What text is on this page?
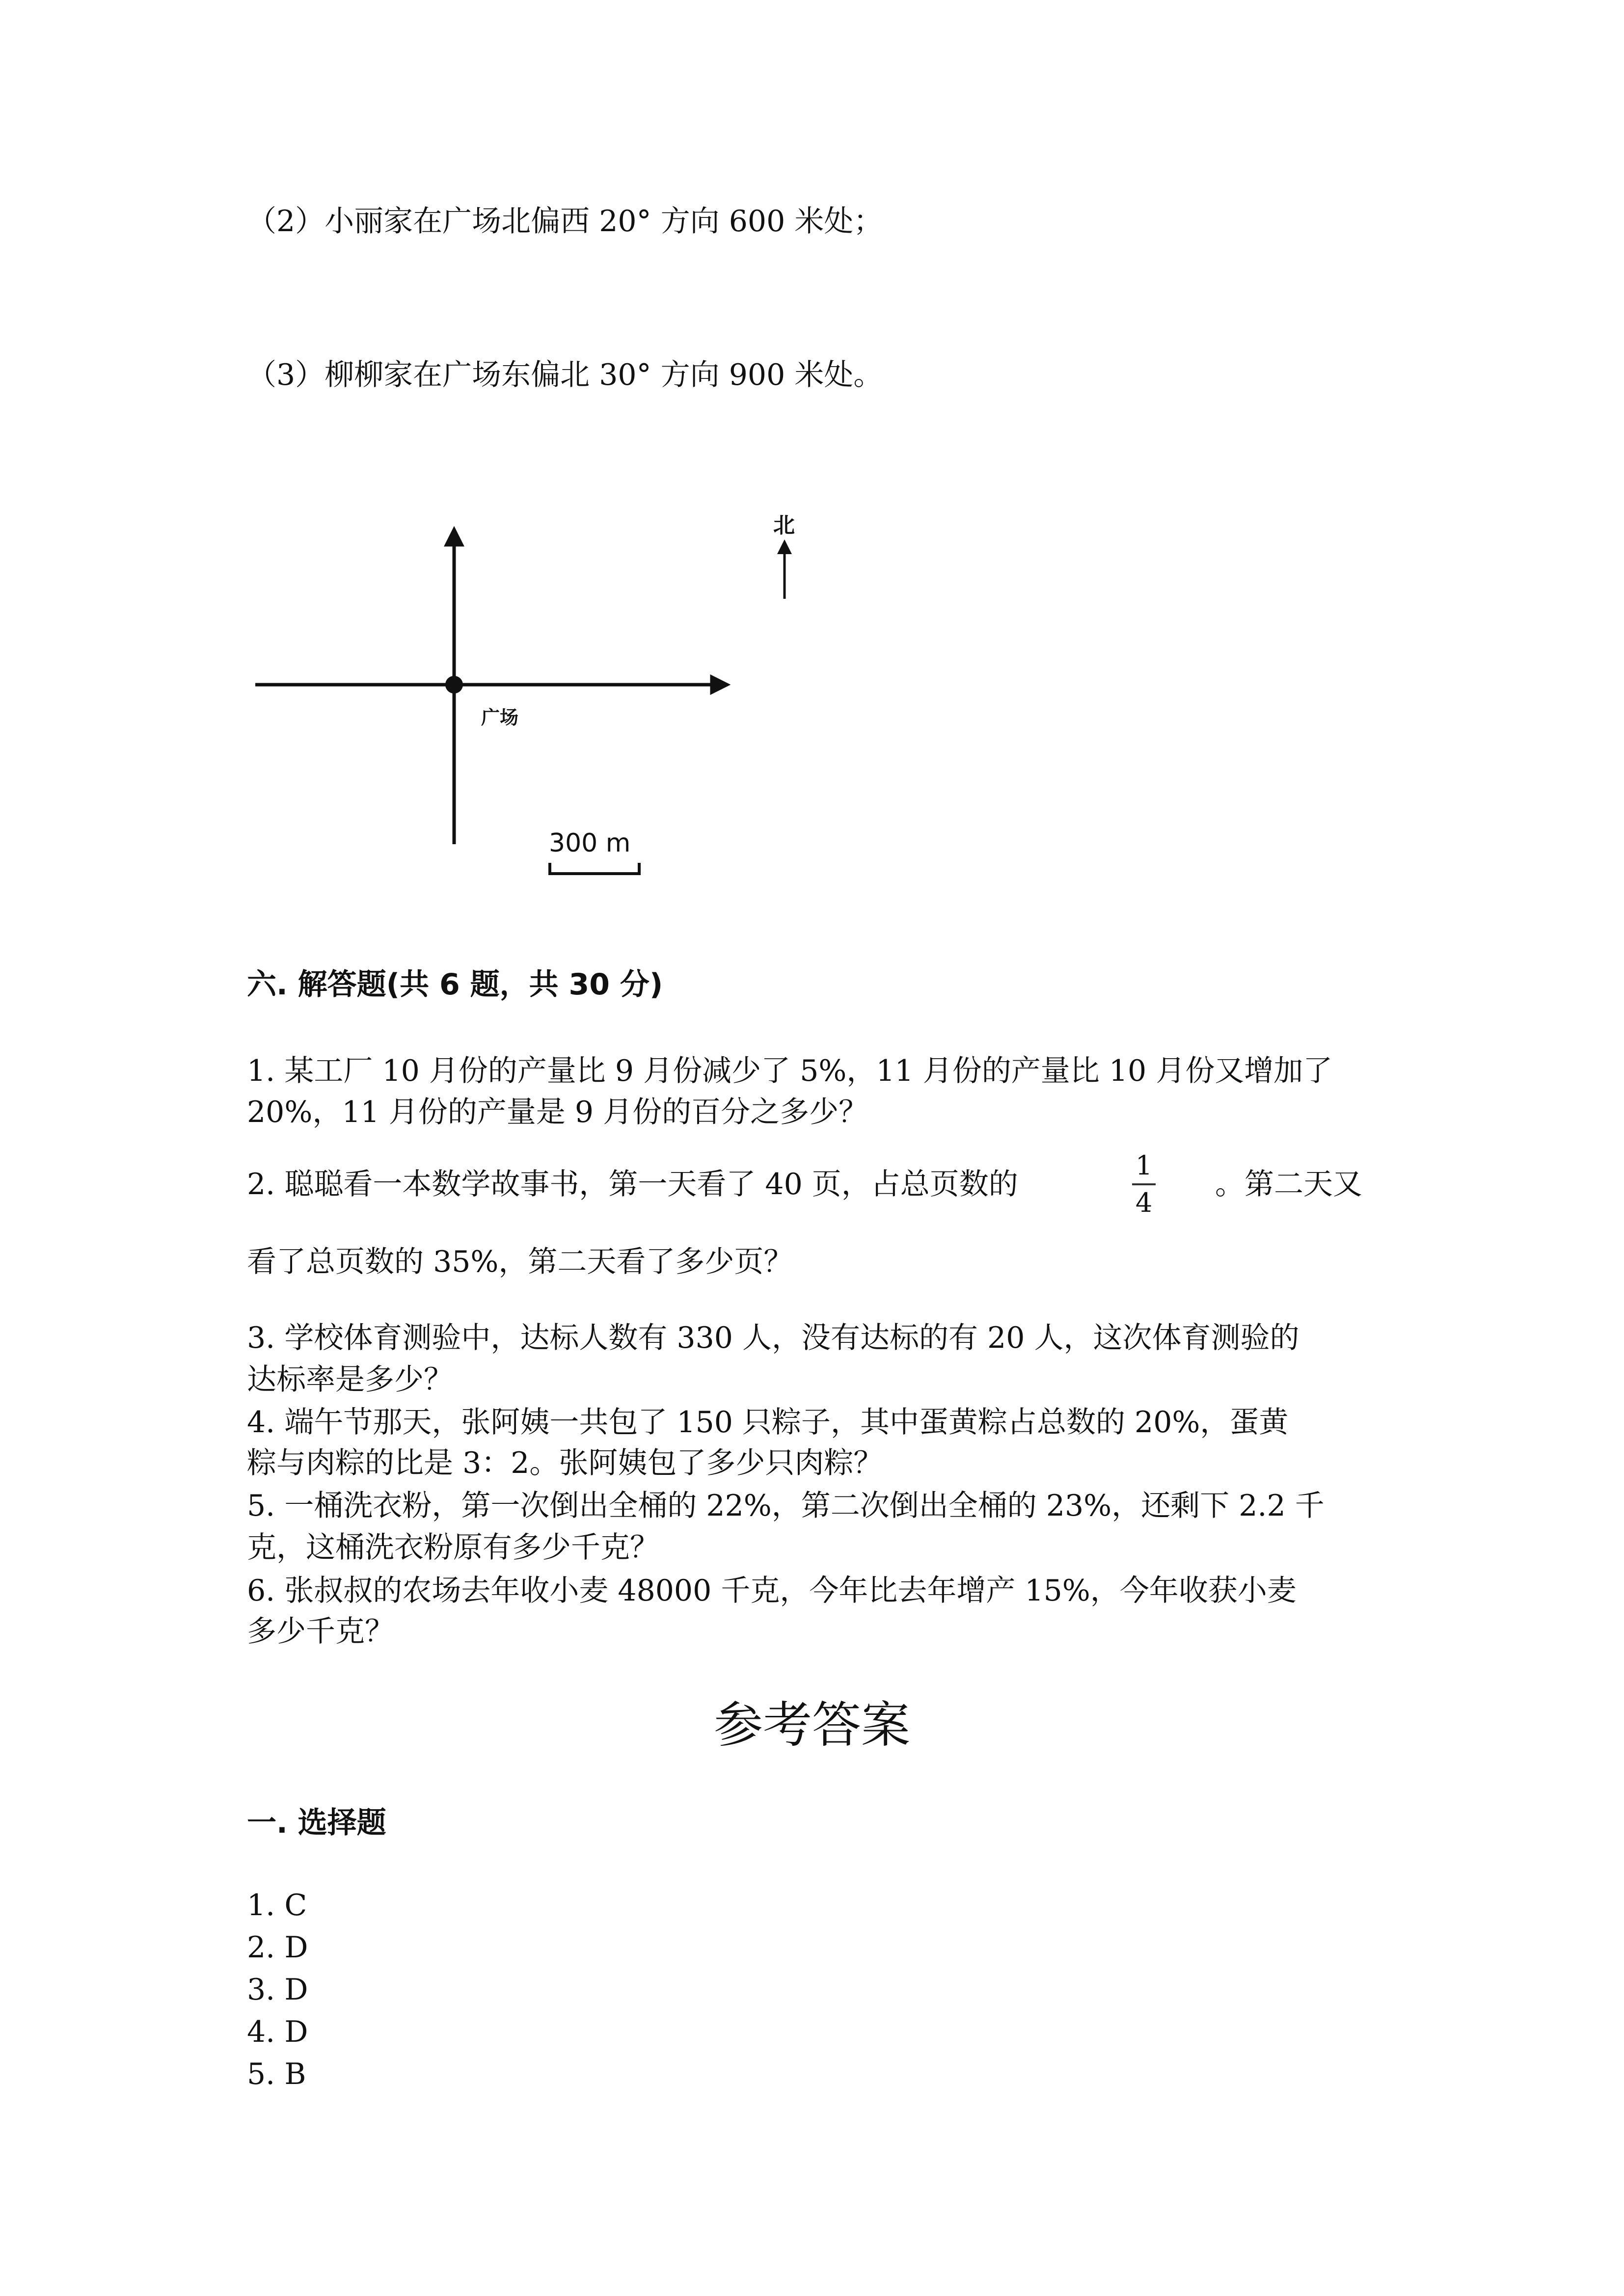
（2）小丽家在广场北偏西 20° 方向 600 米处；
（3）柳柳家在广场东偏北 30° 方向 900 米处。
北
广场
300 m
六. 解答题(共 6 题，共 30 分)
1. 某工厂 10 月份的产量比 9 月份减少了 5%，11 月份的产量比 10 月份又增加了
20%，11 月份的产量是 9 月份的百分之多少？
2. 聪聪看一本数学故事书，第一天看了 40 页，占总页数的
1
4
。第二天又
看了总页数的 35%，第二天看了多少页？
3. 学校体育测验中，达标人数有 330 人，没有达标的有 20 人，这次体育测验的
达标率是多少？
4. 端午节那天，张阿姨一共包了 150 只粽子，其中蛋黄粽占总数的 20%，蛋黄
粽与肉粽的比是 3：2。张阿姨包了多少只肉粽？
5. 一桶洗衣粉，第一次倒出全桶的 22%，第二次倒出全桶的 23%，还剩下 2.2 千
克，这桶洗衣粉原有多少千克？
6. 张叔叔的农场去年收小麦 48000 千克，今年比去年增产 15%，今年收获小麦
多少千克？
参考答案
一. 选择题
1. C
2. D
3. D
4. D
5. B
